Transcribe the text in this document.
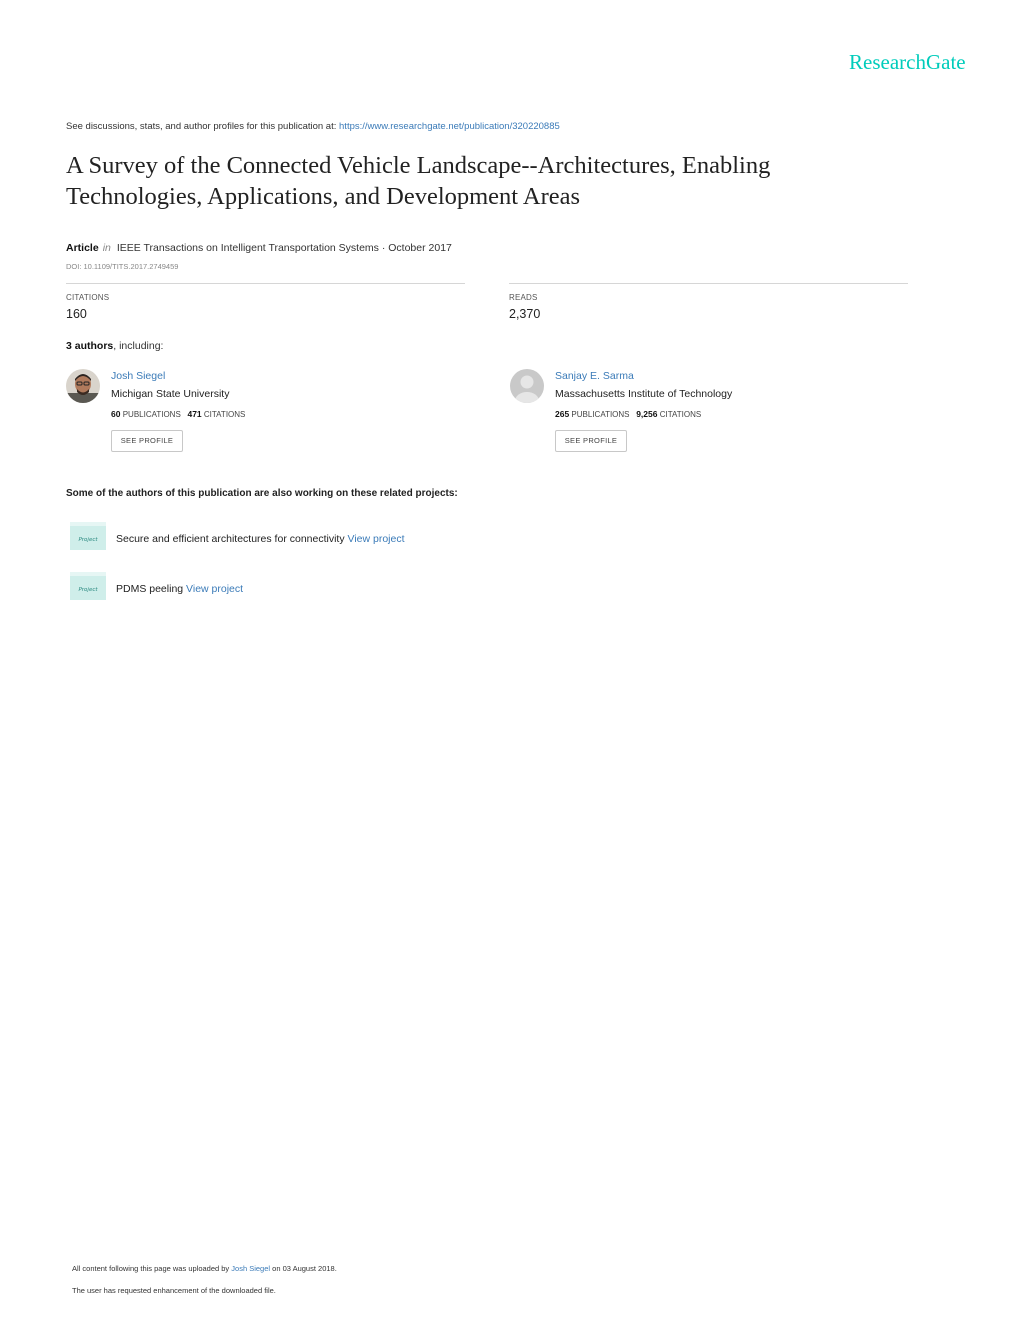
ResearchGate
See discussions, stats, and author profiles for this publication at: https://www.researchgate.net/publication/320220885
A Survey of the Connected Vehicle Landscape--Architectures, Enabling
Technologies, Applications, and Development Areas
Article in IEEE Transactions on Intelligent Transportation Systems · October 2017
DOI: 10.1109/TITS.2017.2749459
CITATIONS
160
READS
2,370
3 authors, including:
Josh Siegel
Michigan State University
60 PUBLICATIONS 471 CITATIONS
SEE PROFILE
Sanjay E. Sarma
Massachusetts Institute of Technology
265 PUBLICATIONS 9,256 CITATIONS
SEE PROFILE
Some of the authors of this publication are also working on these related projects:
Project Secure and efficient architectures for connectivity View project
Project PDMS peeling View project
All content following this page was uploaded by Josh Siegel on 03 August 2018.
The user has requested enhancement of the downloaded file.
